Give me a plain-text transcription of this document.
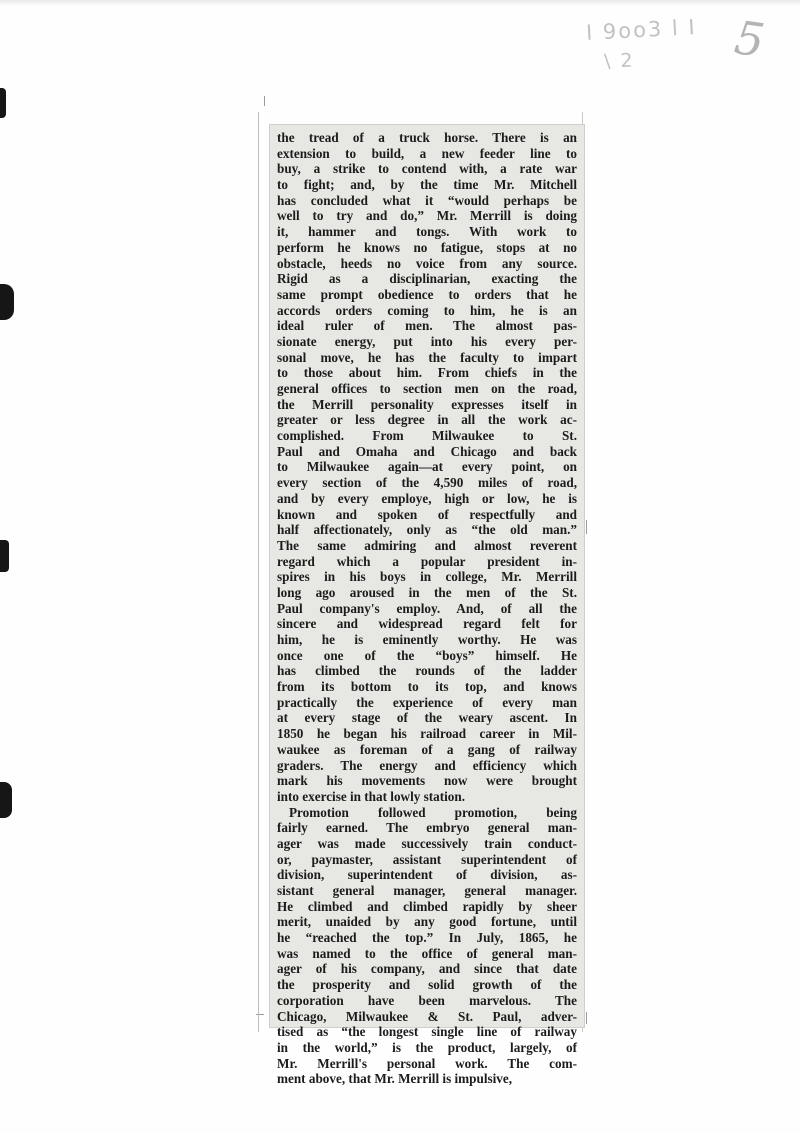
I 9oo3 l I
\ 2 5
the tread of a truck horse. There is an
extension to build, a new feeder line to
buy, a strike to contend with, a rate war
to fight; and, by the time Mr. Mitchell
has concluded what it “would perhaps be
well to try and do,” Mr. Merrill is doing
it, hammer and tongs. With work to
perform he knows no fatigue, stops at no
obstacle, heeds no voice from any source.
Rigid as a disciplinarian, exacting the
same prompt obedience to orders that he
accords orders coming to him, he is an
ideal ruler of men. The almost pas-
sionate energy, put into his every per-
sonal move, he has the faculty to impart
to those about him. From chiefs in the
general offices to section men on the road,
the Merrill personality expresses itself in
greater or less degree in all the work ac-
complished. From Milwaukee to St.
Paul and Omaha and Chicago and back
to Milwaukee again—at every point, on
every section of the 4,590 miles of road,
and by every employe, high or low, he is
known and spoken of respectfully and
half affectionately, only as “the old man.”
The same admiring and almost reverent
regard which a popular president in-
spires in his boys in college, Mr. Merrill
long ago aroused in the men of the St.
Paul company's employ. And, of all the
sincere and widespread regard felt for
him, he is eminently worthy. He was
once one of the “boys” himself. He
has climbed the rounds of the ladder
from its bottom to its top, and knows
practically the experience of every man
at every stage of the weary ascent. In
1850 he began his railroad career in Mil-
waukee as foreman of a gang of railway
graders. The energy and efficiency which
mark his movements now were brought
into exercise in that lowly station.
Promotion followed promotion, being
fairly earned. The embryo general man-
ager was made successively train conduct-
or, paymaster, assistant superintendent of
division, superintendent of division, as-
sistant general manager, general manager.
He climbed and climbed rapidly by sheer
merit, unaided by any good fortune, until
he “reached the top.” In July, 1865, he
was named to the office of general man-
ager of his company, and since that date
the prosperity and solid growth of the
corporation have been marvelous. The
Chicago, Milwaukee & St. Paul, adver-
tised as “the longest single line of railway
in the world,” is the product, largely, of
Mr. Merrill's personal work. The com-
ment above, that Mr. Merrill is impulsive,
